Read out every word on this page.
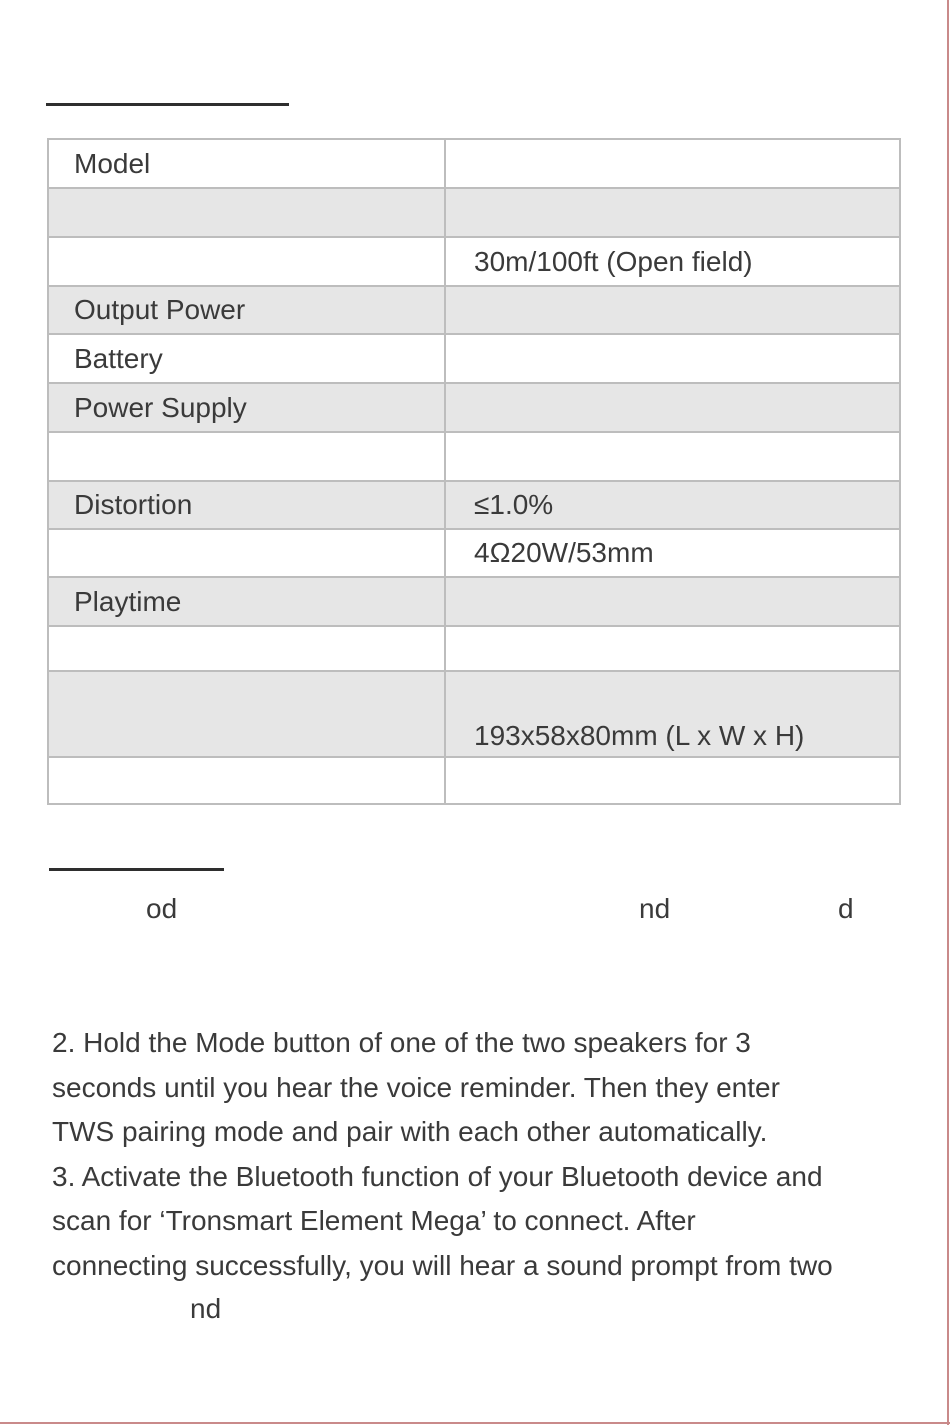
Model	

	30m/100ft (Open field)
Output Power	
Battery	
Power Supply	

Distortion	≤1.0%
	4Ω20W/53mm
Playtime	

	193x58x80mm (L x W x H)

od	nd	d
2. Hold the Mode button of one of the two speakers for 3
seconds until you hear the voice reminder. Then they enter
TWS pairing mode and pair with each other automatically.
3. Activate the Bluetooth function of your Bluetooth device and
scan for ‘Tronsmart Element Mega’ to connect. After
connecting successfully, you will hear a sound prompt from two
nd
